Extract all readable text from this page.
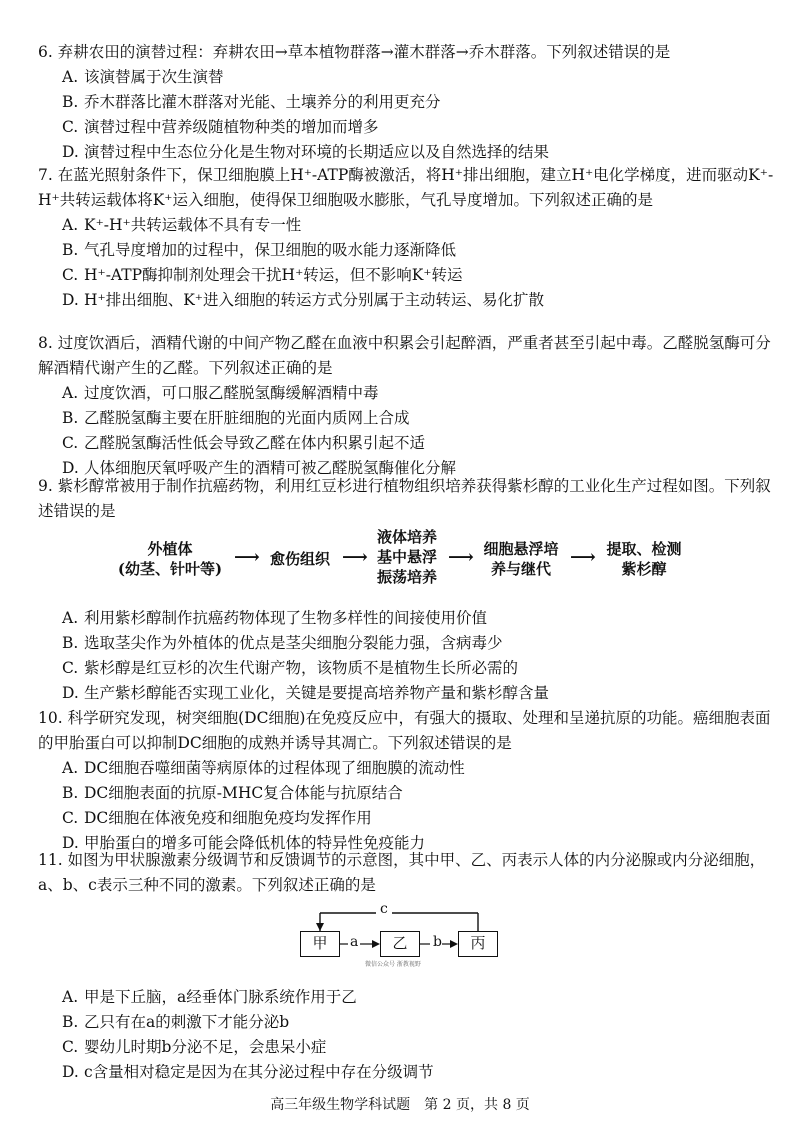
6. 弃耕农田的演替过程：弃耕农田→草本植物群落→灌木群落→乔木群落。下列叙述错误的是
A. 该演替属于次生演替
B. 乔木群落比灌木群落对光能、土壤养分的利用更充分
C. 演替过程中营养级随植物种类的增加而增多
D. 演替过程中生态位分化是生物对环境的长期适应以及自然选择的结果
7. 在蓝光照射条件下，保卫细胞膜上H⁺-ATP酶被激活，将H⁺排出细胞，建立H⁺电化学梯度，进而驱动K⁺-H⁺共转运载体将K⁺运入细胞，使得保卫细胞吸水膨胀，气孔导度增加。下列叙述正确的是
A. K⁺-H⁺共转运载体不具有专一性
B. 气孔导度增加的过程中，保卫细胞的吸水能力逐渐降低
C. H⁺-ATP酶抑制剂处理会干扰H⁺转运，但不影响K⁺转运
D. H⁺排出细胞、K⁺进入细胞的转运方式分别属于主动转运、易化扩散
8. 过度饮酒后，酒精代谢的中间产物乙醛在血液中积累会引起醉酒，严重者甚至引起中毒。乙醛脱氢酶可分解酒精代谢产生的乙醛。下列叙述正确的是
A. 过度饮酒，可口服乙醛脱氢酶缓解酒精中毒
B. 乙醛脱氢酶主要在肝脏细胞的光面内质网上合成
C. 乙醛脱氢酶活性低会导致乙醛在体内积累引起不适
D. 人体细胞厌氧呼吸产生的酒精可被乙醛脱氢酶催化分解
9. 紫杉醇常被用于制作抗癌药物，利用红豆杉进行植物组织培养获得紫杉醇的工业化生产过程如图。下列叙述错误的是
外植体
(幼茎、针叶等)
⟶ 愈伤组织 ⟶
液体培养
基中悬浮
振荡培养
⟶ 细胞悬浮培
养与继代
⟶ 提取、检测
紫杉醇
A. 利用紫杉醇制作抗癌药物体现了生物多样性的间接使用价值
B. 选取茎尖作为外植体的优点是茎尖细胞分裂能力强，含病毒少
C. 紫杉醇是红豆杉的次生代谢产物，该物质不是植物生长所必需的
D. 生产紫杉醇能否实现工业化，关键是要提高培养物产量和紫杉醇含量
10. 科学研究发现，树突细胞(DC细胞)在免疫反应中，有强大的摄取、处理和呈递抗原的功能。癌细胞表面的甲胎蛋白可以抑制DC细胞的成熟并诱导其凋亡。下列叙述错误的是
A. DC细胞吞噬细菌等病原体的过程体现了细胞膜的流动性
B. DC细胞表面的抗原-MHC复合体能与抗原结合
C. DC细胞在体液免疫和细胞免疫均发挥作用
D. 甲胎蛋白的增多可能会降低机体的特异性免疫能力
11. 如图为甲状腺激素分级调节和反馈调节的示意图，其中甲、乙、丙表示人体的内分泌腺或内分泌细胞，a、b、c表示三种不同的激素。下列叙述正确的是
c
甲	a	乙	b	丙
微信公众号 浙教视野
A. 甲是下丘脑，a经垂体门脉系统作用于乙
B. 乙只有在a的刺激下才能分泌b
C. 婴幼儿时期b分泌不足，会患呆小症
D. c含量相对稳定是因为在其分泌过程中存在分级调节
高三年级生物学科试题　第 2 页，共 8 页
